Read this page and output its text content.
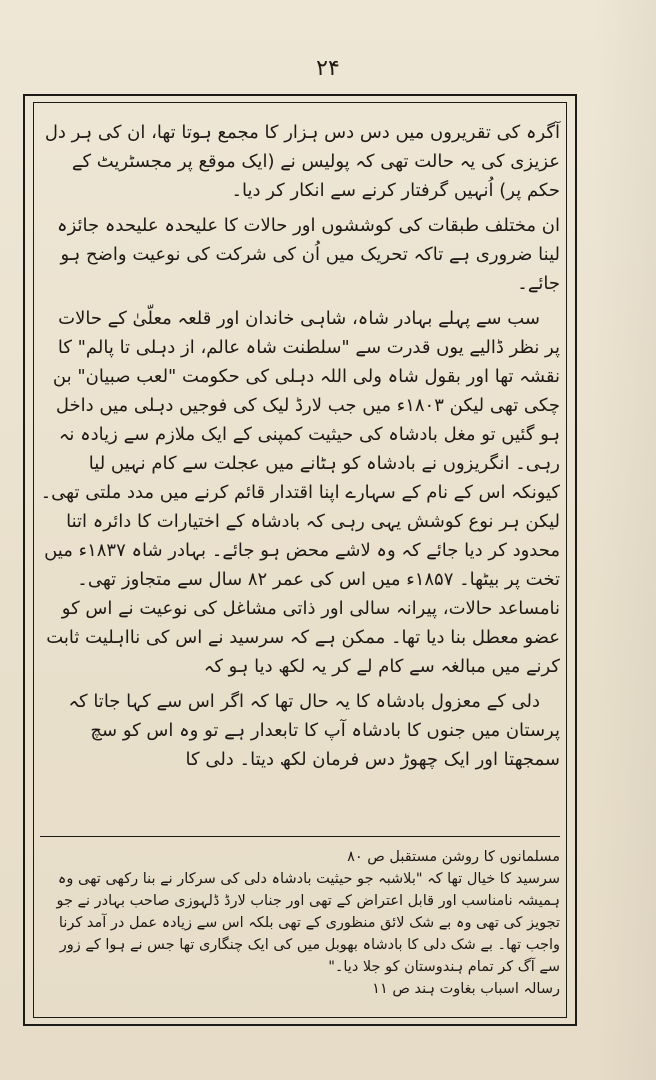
۲۴

آگرہ کی تقریروں میں دس دس ہزار کا مجمع ہوتا تھا، ان کی ہر دل عزیزی کی یہ حالت تھی کہ پولیس نے (ایک موقع پر مجسٹریٹ کے حکم پر) اُنہیں گرفتار کرنے سے انکار کر دیا۔

ان مختلف طبقات کی کوششوں اور حالات کا علیحدہ علیحدہ جائزہ لینا ضروری ہے تاکہ تحریک میں اُن کی شرکت کی نوعیت واضح ہو جائے۔

سب سے پہلے بہادر شاہ، شاہی خاندان اور قلعہ معلّیٰ کے حالات پر نظر ڈالیے یوں قدرت سے "سلطنت شاہ عالم، از دہلی تا پالم" کا نقشہ تھا اور بقول شاہ ولی اللہ دہلی کی حکومت "لعب صبیان" بن چکی تھی لیکن ۱۸۰۳ء میں جب لارڈ لیک کی فوجیں دہلی میں داخل ہو گئیں تو مغل بادشاہ کی حیثیت کمپنی کے ایک ملازم سے زیادہ نہ رہی۔ انگریزوں نے بادشاہ کو ہٹانے میں عجلت سے کام نہیں لیا کیونکہ اس کے نام کے سہارے اپنا اقتدار قائم کرنے میں مدد ملتی تھی۔ لیکن ہر نوع کوشش یہی رہی کہ بادشاہ کے اختیارات کا دائرہ اتنا محدود کر دیا جائے کہ وہ لاشے محض ہو جائے۔ بہادر شاہ ۱۸۳۷ء میں تخت پر بیٹھا۔ ۱۸۵۷ء میں اس کی عمر ۸۲ سال سے متجاوز تھی۔ نامساعد حالات، پیرانہ سالی اور ذاتی مشاغل کی نوعیت نے اس کو عضو معطل بنا دیا تھا۔ ممکن ہے کہ سرسید نے اس کی نااہلیت ثابت کرنے میں مبالغہ سے کام لے کر یہ لکھ دیا ہو کہ

دلی کے معزول بادشاہ کا یہ حال تھا کہ اگر اس سے کہا جاتا کہ پرستان میں جنوں کا بادشاہ آپ کا تابعدار ہے تو وہ اس کو سچ سمجھتا اور ایک چھوڑ دس فرمان لکھ دیتا۔ دلی کا

مسلمانوں کا روشن مستقبل ص ۸۰

سرسید کا خیال تھا کہ "بلاشبہ جو حیثیت بادشاہ دلی کی سرکار نے بنا رکھی تھی وہ ہمیشہ نامناسب اور قابل اعتراض کے تھی اور جناب لارڈ ڈلہوزی صاحب بہادر نے جو تجویز کی تھی وہ بے شک لائق منظوری کے تھی بلکہ اس سے زیادہ عمل در آمد کرنا واجب تھا۔ بے شک دلی کا بادشاہ بھوبل میں کی ایک چنگاری تھا جس نے ہوا کے زور سے آگ کر تمام ہندوستان کو جلا دیا۔"

رسالہ اسباب بغاوت ہند ص ۱۱
